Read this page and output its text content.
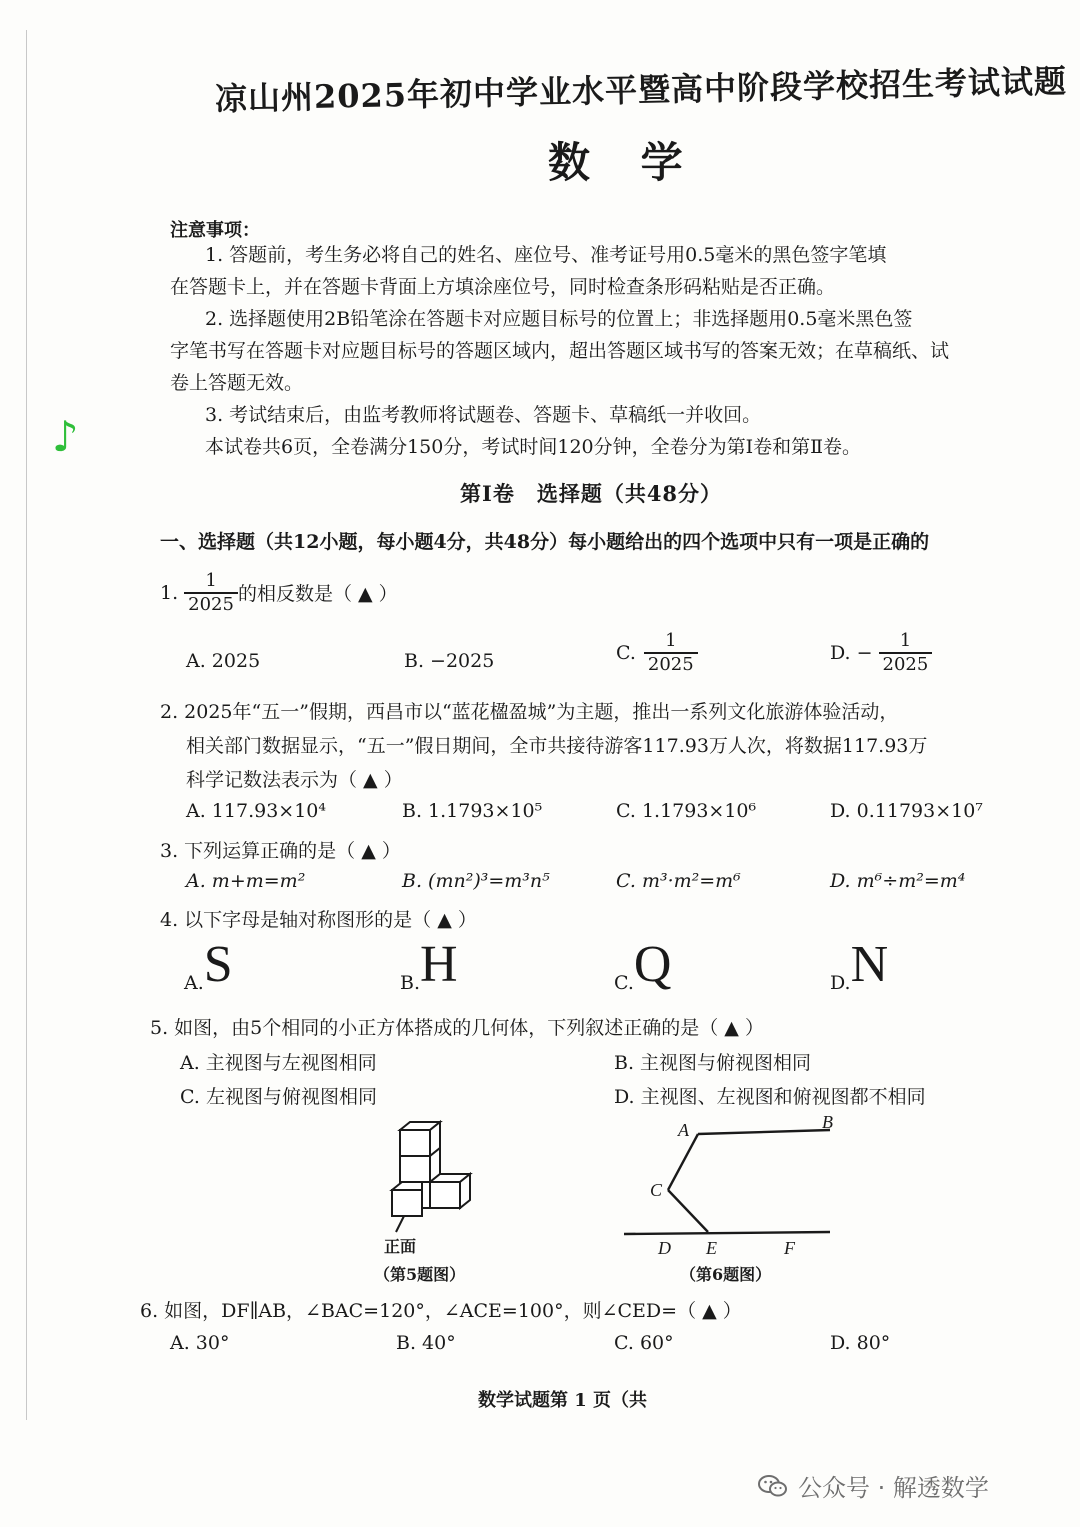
凉山州2025年初中学业水平暨高中阶段学校招生考试试题
数 学
注意事项：
1. 答题前，考生务必将自己的姓名、座位号、准考证号用0.5毫米的黑色签字笔填
在答题卡上，并在答题卡背面上方填涂座位号，同时检查条形码粘贴是否正确。
2. 选择题使用2B铅笔涂在答题卡对应题目标号的位置上；非选择题用0.5毫米黑色签
字笔书写在答题卡对应题目标号的答题区域内，超出答题区域书写的答案无效；在草稿纸、试
卷上答题无效。
3. 考试结束后，由监考教师将试题卷、答题卡、草稿纸一并收回。
本试卷共6页，全卷满分150分，考试时间120分钟，全卷分为第Ⅰ卷和第Ⅱ卷。
♪
第Ⅰ卷　选择题（共48分）
一、选择题（共12小题，每小题4分，共48分）每小题给出的四个选项中只有一项是正确的
1. $\frac{1}{2025}$ 的相反数是（ ▲ ）
A. 2025	B. −2025	C. $\frac{1}{2025}$	D. − $\frac{1}{2025}$
2. 2025年“五一”假期，西昌市以“蓝花楹盈城”为主题，推出一系列文化旅游体验活动，
相关部门数据显示，“五一”假日期间，全市共接待游客117.93万人次，将数据117.93万
科学记数法表示为（ ▲ ）
A. 117.93×10⁴	B. 1.1793×10⁵	C. 1.1793×10⁶	D. 0.11793×10⁷
3. 下列运算正确的是（ ▲ ）
A. m+m=m²	B. (mn²)³=m³n⁵	C. m³·m²=m⁶	D. m⁶÷m²=m⁴
4. 以下字母是轴对称图形的是（ ▲ ）
A. S	B. H	C. Q	D. N
5. 如图，由5个相同的小正方体搭成的几何体，下列叙述正确的是（ ▲ ）
A. 主视图与左视图相同	B. 主视图与俯视图相同
C. 左视图与俯视图相同	D. 主视图、左视图和俯视图都不相同
正面
（第5题图）
A	B
C
D E	F
（第6题图）
6. 如图，DF∥AB，∠BAC=120°，∠ACE=100°，则∠CED=（ ▲ ）
A. 30°	B. 40°	C. 60°	D. 80°
数学试题第 1 页（共
公众号 · 解透数学
